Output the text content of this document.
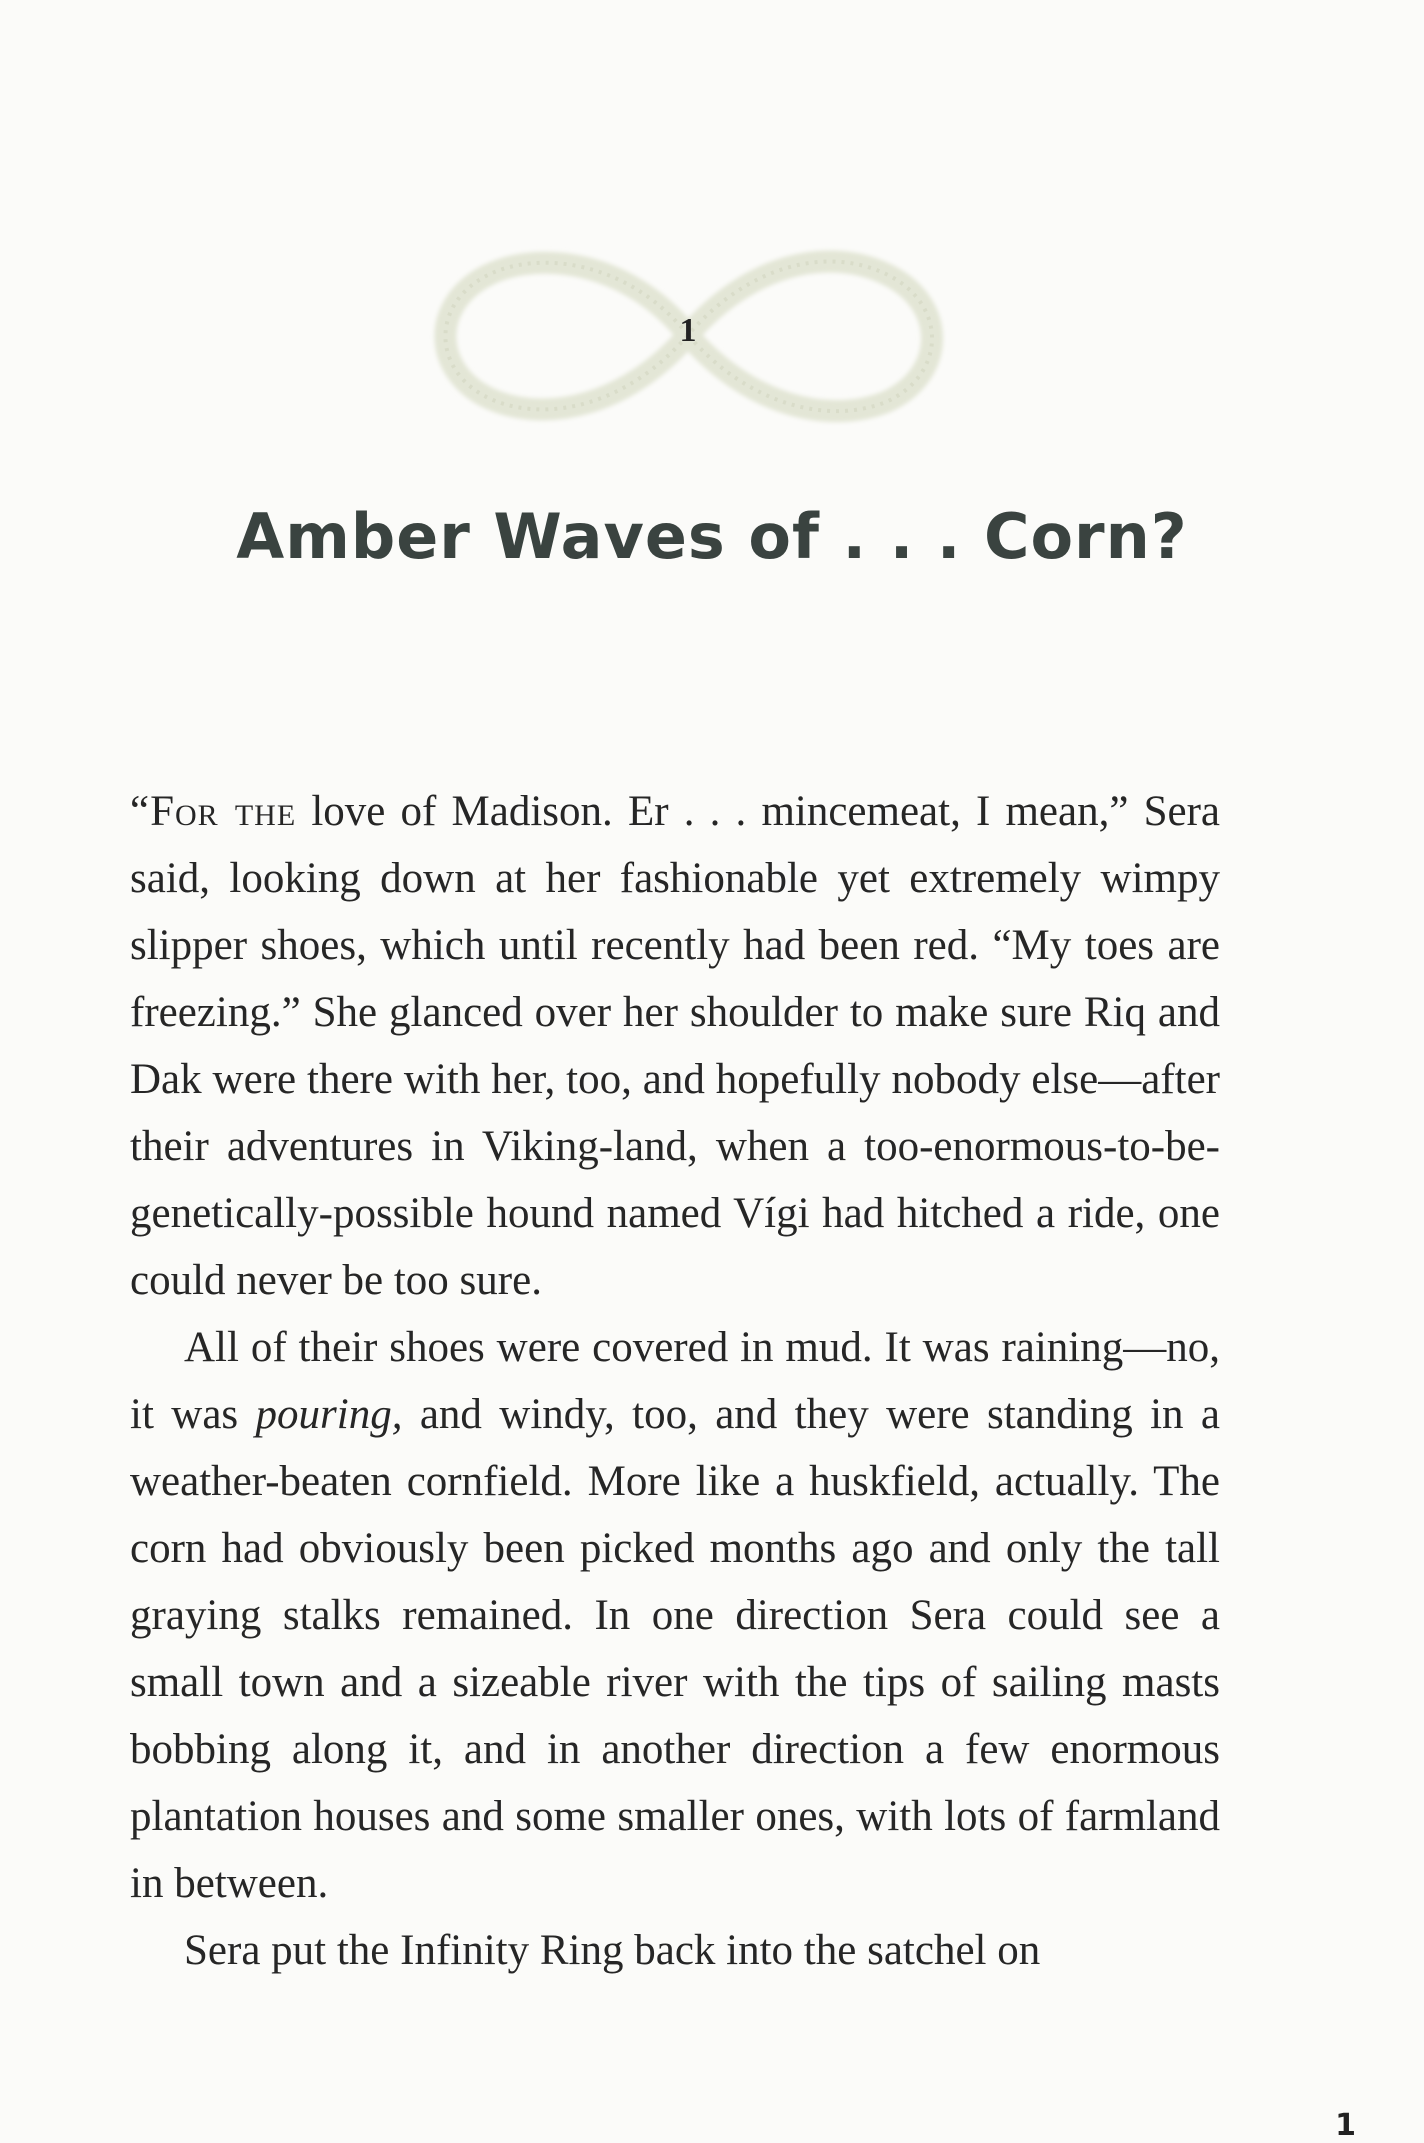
1
Amber Waves of . . . Corn?

“For the love of Madison. Er . . . mincemeat, I mean,” Sera said, looking down at her fashionable yet extremely wimpy slipper shoes, which until recently had been red. “My toes are freezing.” She glanced over her shoulder to make sure Riq and Dak were there with her, too, and hopefully nobody else—after their adventures in Viking-land, when a too-enormous-to-be-genetically-possible hound named Vígi had hitched a ride, one could never be too sure.

All of their shoes were covered in mud. It was raining—no, it was pouring, and windy, too, and they were standing in a weather-beaten cornfield. More like a huskfield, actually. The corn had obviously been picked months ago and only the tall graying stalks remained. In one direction Sera could see a small town and a sizeable river with the tips of sailing masts bobbing along it, and in another direction a few enormous plantation houses and some smaller ones, with lots of farmland in between.

Sera put the Infinity Ring back into the satchel on

1
